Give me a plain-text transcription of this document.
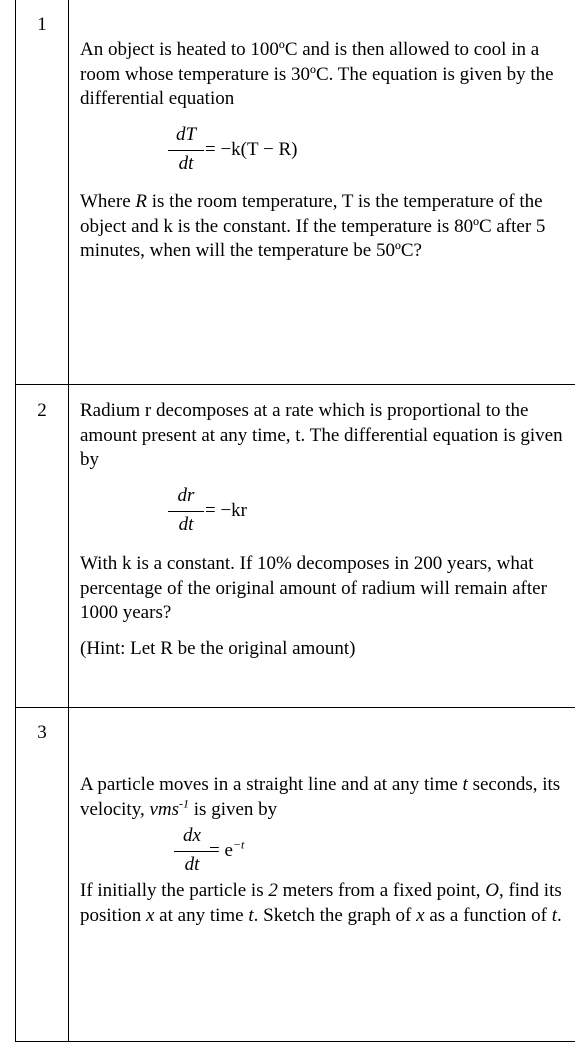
1

An object is heated to 100ºC and is then allowed to cool in a room whose temperature is 30ºC. The equation is given by the differential equation

dT
dt
= −k(T − R)

Where R is the room temperature, T is the temperature of the object and k is the constant. If the temperature is 80ºC after 5 minutes, when will the temperature be 50ºC?

2	Radium r decomposes at a rate which is proportional to the amount present at any time, t. The differential equation is given by

dr
dt
= −kr

With k is a constant. If 10% decomposes in 200 years, what percentage of the original amount of radium will remain after 1000 years?

(Hint: Let R be the original amount)

3

A particle moves in a straight line and at any time t seconds, its velocity, vms$^{-1}$ is given by

dx
dt
= $e^{-t}$

If initially the particle is 2 meters from a fixed point, O, find its position x at any time t. Sketch the graph of x as a function of t.
